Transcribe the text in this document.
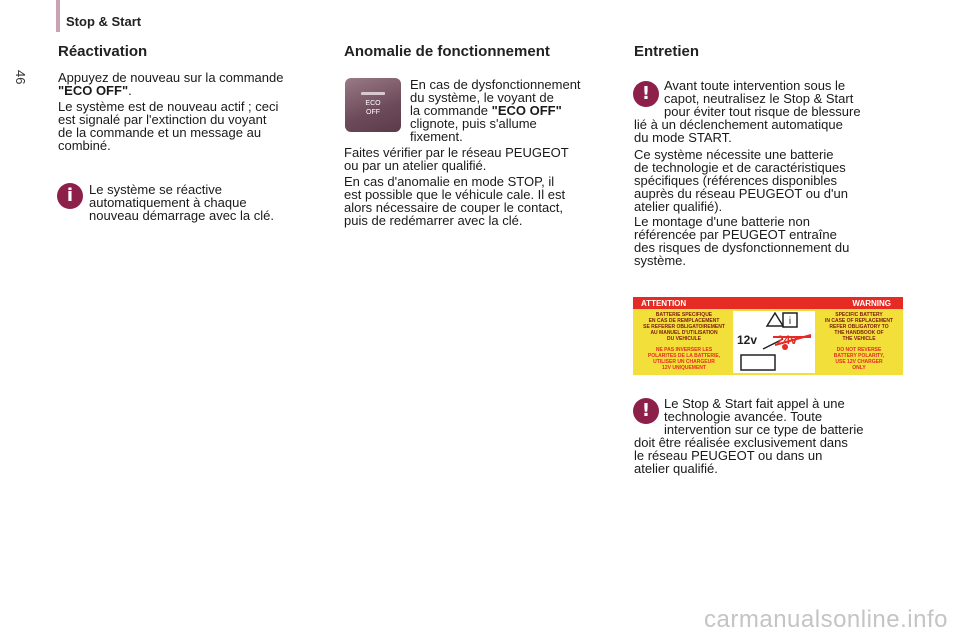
Stop & Start
46
Réactivation

Appuyez de nouveau sur la commande
"ECO OFF".

Le système est de nouveau actif ; ceci
est signalé par l'extinction du voyant
de la commande et un message au
combiné.

i	Le système se réactive
automatiquement à chaque
nouveau démarrage avec la clé.

Anomalie de fonctionnement
ECO
OFF

En cas de dysfonctionnement
du système, le voyant de
la commande "ECO OFF"
clignote, puis s'allume
fixement.

Faites vérifier par le réseau PEUGEOT
ou par un atelier qualifié.

En cas d'anomalie en mode STOP, il
est possible que le véhicule cale. Il est
alors nécessaire de couper le contact,
puis de redémarrer avec la clé.

Entretien
!	Avant toute intervention sous le
capot, neutralisez le Stop & Start
pour éviter tout risque de blessure

lié à un déclenchement automatique
du mode START.

Ce système nécessite une batterie
de technologie et de caractéristiques
spécifiques (références disponibles
auprès du réseau PEUGEOT ou d'un
atelier qualifié).

Le montage d'une batterie non
référencée par PEUGEOT entraîne
des risques de dysfonctionnement du
système.

ATTENTION	WARNING
BATTERIE SPECIFIQUE
EN CAS DE REMPLACEMENT
SE REFERER OBLIGATOIREMENT
AU MANUEL D'UTILISATION
DU VEHICULE
SPECIFIC BATTERY
IN CASE OF REPLACEMENT
REFER OBLIGATORY TO
THE HANDBOOK OF
THE VEHICLE
NE PAS INVERSER LES
POLARITES DE LA BATTERIE,
UTILISER UN CHARGEUR
12V UNIQUEMENT
DO NOT REVERSE
BATTERY POLARITY,
USE 12V CHARGER
ONLY
i
12v 24v
!	Le Stop & Start fait appel à une
technologie avancée. Toute
intervention sur ce type de batterie

doit être réalisée exclusivement dans
le réseau PEUGEOT ou dans un
atelier qualifié.

carmanualsonline.info
